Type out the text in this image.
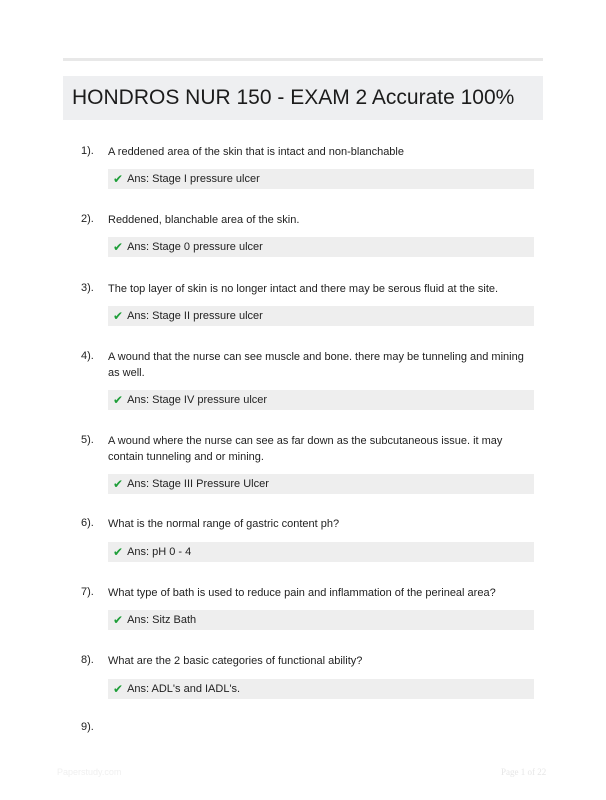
HONDROS NUR 150 - EXAM 2 Accurate 100%
1). A reddened area of the skin that is intact and non-blanchable
✔ Ans: Stage I pressure ulcer
2). Reddened, blanchable area of the skin.
✔ Ans: Stage 0 pressure ulcer
3). The top layer of skin is no longer intact and there may be serous fluid at the site.
✔ Ans: Stage II pressure ulcer
4). A wound that the nurse can see muscle and bone. there may be tunneling and mining as well.
✔ Ans: Stage IV pressure ulcer
5). A wound where the nurse can see as far down as the subcutaneous issue. it may contain tunneling and or mining.
✔ Ans: Stage III Pressure Ulcer
6). What is the normal range of gastric content ph?
✔ Ans: pH 0 - 4
7). What type of bath is used to reduce pain and inflammation of the perineal area?
✔ Ans: Sitz Bath
8). What are the 2 basic categories of functional ability?
✔ Ans: ADL's and IADL's.
9).
Paperstudy.com	Page 1 of 22
